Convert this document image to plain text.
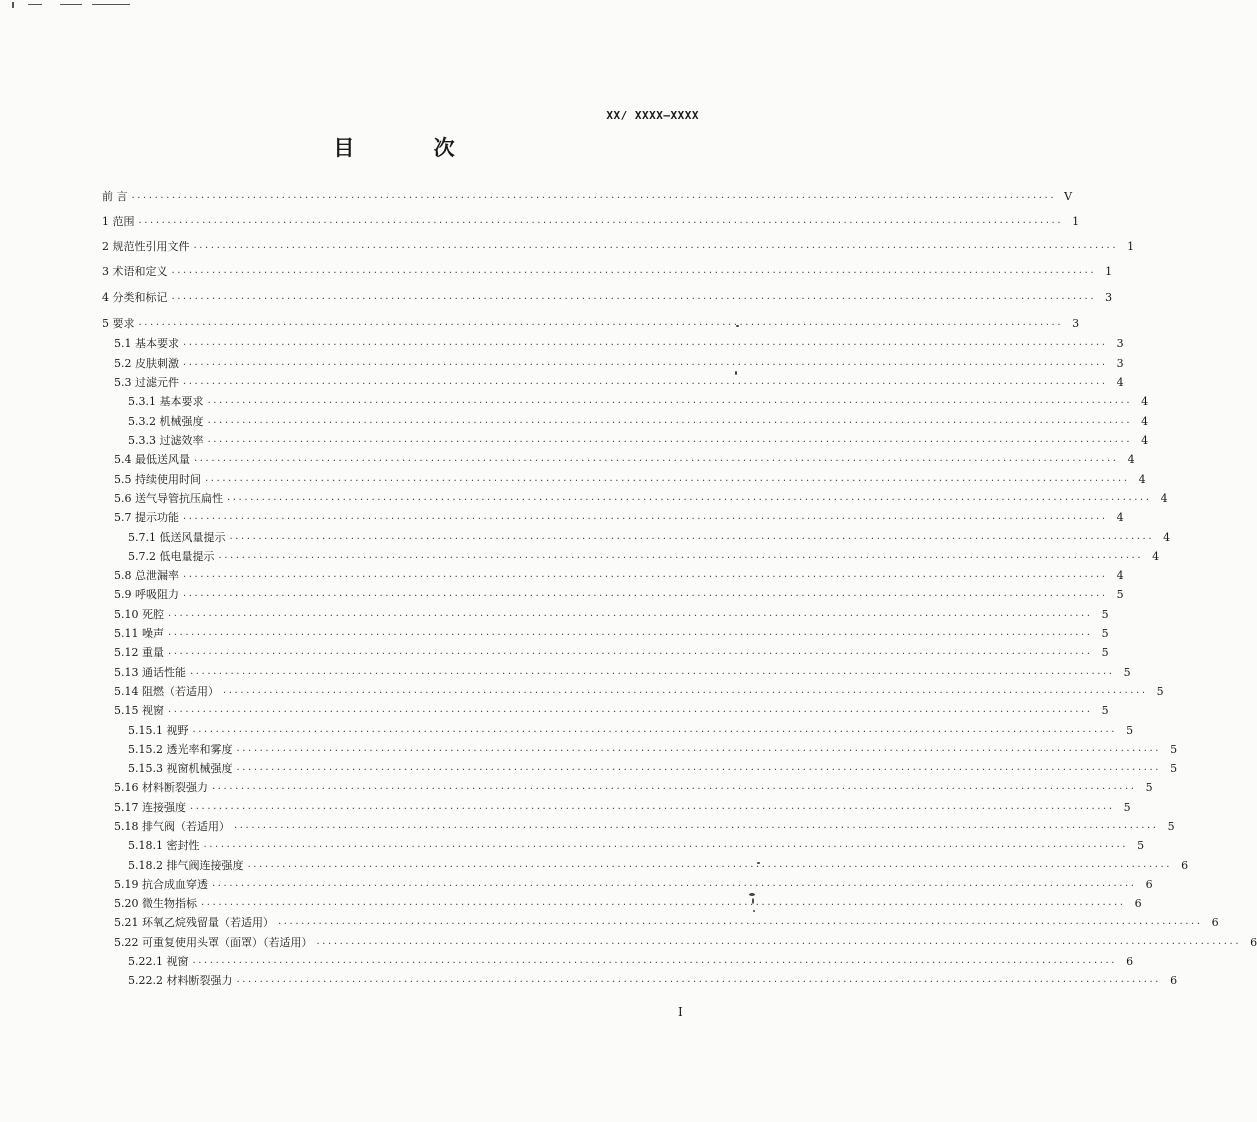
XX/ XXXX—XXXX
目 次
前 言 ................................................................................................................................................................ V
1 范围 ................................................................................................................................................................ 1
2 规范性引用文件 ................................................................................................................................................................ 1
3 术语和定义 ................................................................................................................................................................ 1
4 分类和标记 ................................................................................................................................................................ 3
5 要求 ................................................................................................................................................................ 3
5.1 基本要求 ................................................................................................................................................................ 3
5.2 皮肤刺激 ................................................................................................................................................................ 3
5.3 过滤元件 ................................................................................................................................................................ 4
5.3.1 基本要求 ................................................................................................................................................................ 4
5.3.2 机械强度 ................................................................................................................................................................ 4
5.3.3 过滤效率 ................................................................................................................................................................ 4
5.4 最低送风量 ................................................................................................................................................................ 4
5.5 持续使用时间 ................................................................................................................................................................ 4
5.6 送气导管抗压扁性 ................................................................................................................................................................ 4
5.7 提示功能 ................................................................................................................................................................ 4
5.7.1 低送风量提示 ................................................................................................................................................................ 4
5.7.2 低电量提示 ................................................................................................................................................................ 4
5.8 总泄漏率 ................................................................................................................................................................ 4
5.9 呼吸阻力 ................................................................................................................................................................ 5
5.10 死腔 ................................................................................................................................................................ 5
5.11 噪声 ................................................................................................................................................................ 5
5.12 重量 ................................................................................................................................................................ 5
5.13 通话性能 ................................................................................................................................................................ 5
5.14 阻燃（若适用） ................................................................................................................................................................ 5
5.15 视窗 ................................................................................................................................................................ 5
5.15.1 视野 ................................................................................................................................................................ 5
5.15.2 透光率和雾度 ................................................................................................................................................................ 5
5.15.3 视窗机械强度 ................................................................................................................................................................ 5
5.16 材料断裂强力 ................................................................................................................................................................ 5
5.17 连接强度 ................................................................................................................................................................ 5
5.18 排气阀（若适用） ................................................................................................................................................................ 5
5.18.1 密封性 ................................................................................................................................................................ 5
5.18.2 排气阀连接强度 ................................................................................................................................................................ 6
5.19 抗合成血穿透 ................................................................................................................................................................ 6
5.20 微生物指标 ................................................................................................................................................................ 6
5.21 环氧乙烷残留量（若适用） ................................................................................................................................................................ 6
5.22 可重复使用头罩（面罩）（若适用） ................................................................................................................................................................ 6
5.22.1 视窗 ................................................................................................................................................................ 6
5.22.2 材料断裂强力 ................................................................................................................................................................ 6
I
